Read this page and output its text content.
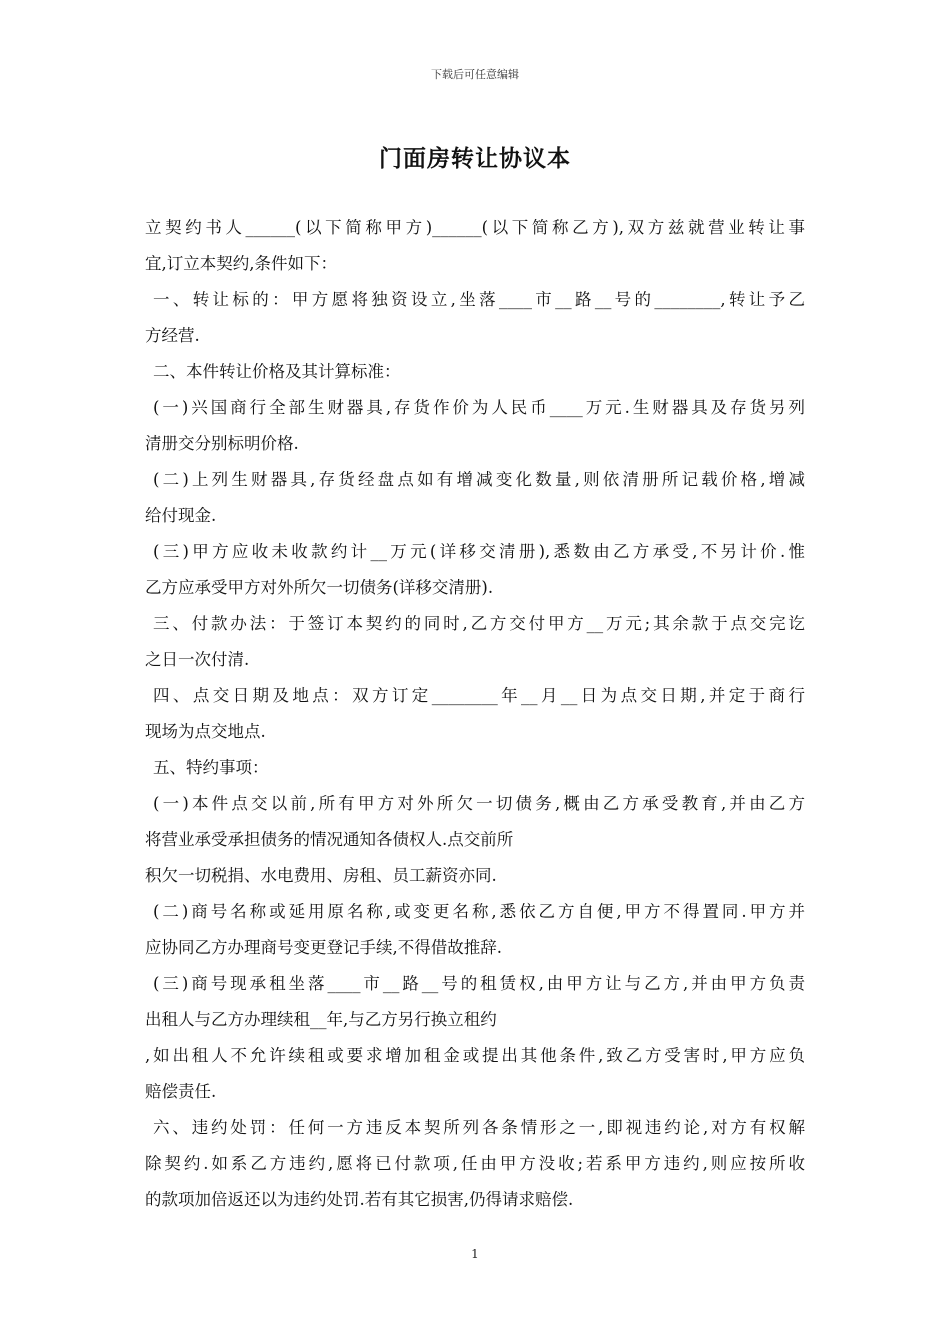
下载后可任意编辑
门面房转让协议本
立契约书人______(以下简称甲方)______(以下简称乙方),双方兹就营业转让事
宜,订立本契约,条件如下：
一、转让标的：甲方愿将独资设立,坐落____市__路__号的________,转让予乙
方经营.
二、本件转让价格及其计算标准：
(一)兴国商行全部生财器具,存货作价为人民币____万元.生财器具及存货另列
清册交分别标明价格.
(二)上列生财器具,存货经盘点如有增减变化数量,则依清册所记载价格,增减
给付现金.
(三)甲方应收未收款约计__万元(详移交清册),悉数由乙方承受,不另计价.惟
乙方应承受甲方对外所欠一切债务(详移交清册).
三、付款办法：于签订本契约的同时,乙方交付甲方__万元;其余款于点交完讫
之日一次付清.
四、点交日期及地点：双方订定________年__月__日为点交日期,并定于商行
现场为点交地点.
五、特约事项：
(一)本件点交以前,所有甲方对外所欠一切债务,概由乙方承受教育,并由乙方
将营业承受承担债务的情况通知各债权人.点交前所
积欠一切税捐、水电费用、房租、员工薪资亦同.
(二)商号名称或延用原名称,或变更名称,悉依乙方自便,甲方不得置同.甲方并
应协同乙方办理商号变更登记手续,不得借故推辞.
(三)商号现承租坐落____市__路__号的租赁权,由甲方让与乙方,并由甲方负责
出租人与乙方办理续租__年,与乙方另行换立租约
,如出租人不允许续租或要求增加租金或提出其他条件,致乙方受害时,甲方应负
赔偿责任.
六、违约处罚：任何一方违反本契所列各条情形之一,即视违约论,对方有权解
除契约.如系乙方违约,愿将已付款项,任由甲方没收;若系甲方违约,则应按所收
的款项加倍返还以为违约处罚.若有其它损害,仍得请求赔偿.
1
